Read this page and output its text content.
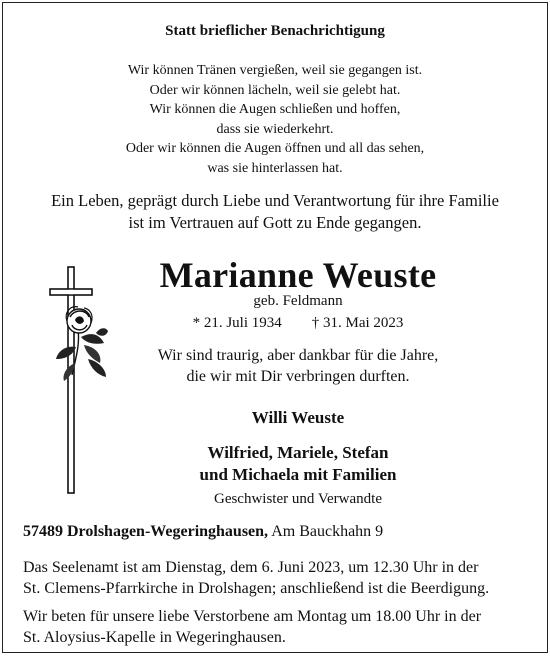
Statt brieflicher Benachrichtigung
Wir können Tränen vergießen, weil sie gegangen ist.
Oder wir können lächeln, weil sie gelebt hat.
Wir können die Augen schließen und hoffen,
dass sie wiederkehrt.
Oder wir können die Augen öffnen und all das sehen,
was sie hinterlassen hat.
Ein Leben, geprägt durch Liebe und Verantwortung für ihre Familie
ist im Vertrauen auf Gott zu Ende gegangen.
Marianne Weuste
geb. Feldmann
* 21. Juli 1934 † 31. Mai 2023
Wir sind traurig, aber dankbar für die Jahre,
die wir mit Dir verbringen durften.
Willi Weuste
Wilfried, Mariele, Stefan
und Michaela mit Familien
Geschwister und Verwandte
57489 Drolshagen-Wegeringhausen, Am Bauckhahn 9
Das Seelenamt ist am Dienstag, dem 6. Juni 2023, um 12.30 Uhr in der
St. Clemens-Pfarrkirche in Drolshagen; anschließend ist die Beerdigung.
Wir beten für unsere liebe Verstorbene am Montag um 18.00 Uhr in der
St. Aloysius-Kapelle in Wegeringhausen.
